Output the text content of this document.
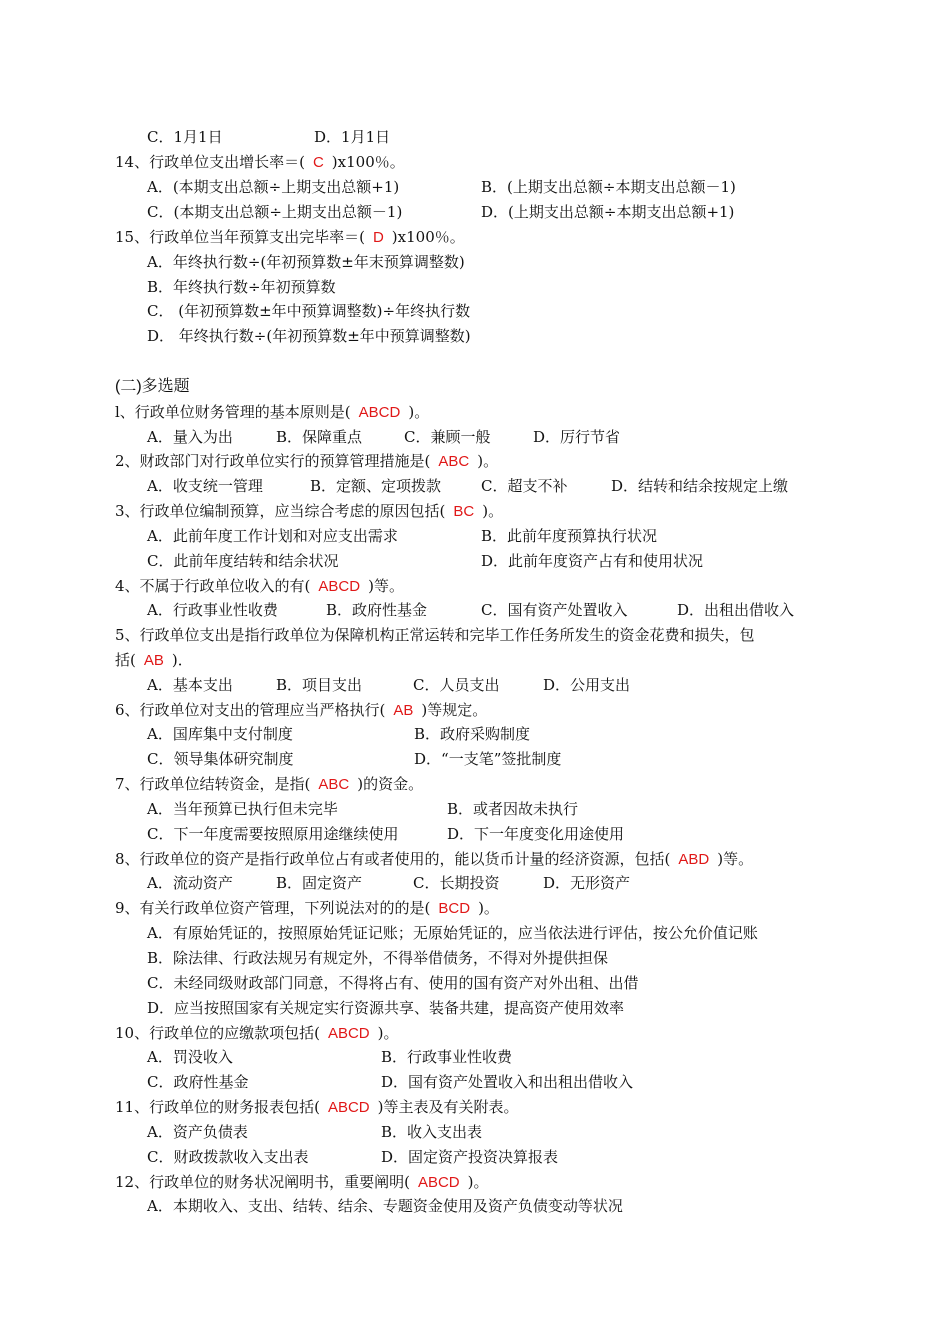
C．1月1日	D．1月1日
14、行政单位支出增长率＝( C )x100％。
A．(本期支出总额÷上期支出总额+1)	B．(上期支出总额÷本期支出总额－1)
C．(本期支出总额÷上期支出总额－1)	D．(上期支出总额÷本期支出总额+1)
15、行政单位当年预算支出完毕率＝( D )x100％。
A．年终执行数÷(年初预算数±年末预算调整数)
B．年终执行数÷年初预算数
C． (年初预算数±年中预算调整数)÷年终执行数
D． 年终执行数÷(年初预算数±年中预算调整数)
(二)多选题
l、行政单位财务管理的基本原则是( ABCD )。
A．量入为出	B．保障重点	C．兼顾一般	D．厉行节省
2、财政部门对行政单位实行的预算管理措施是( ABC )。
A．收支统一管理	B．定额、定项拨款	C．超支不补	D．结转和结余按规定上缴
3、行政单位编制预算，应当综合考虑的原因包括( BC )。
A．此前年度工作计划和对应支出需求	B．此前年度预算执行状况
C．此前年度结转和结余状况	D．此前年度资产占有和使用状况
4、不属于行政单位收入的有( ABCD )等。
A．行政事业性收费	B．政府性基金	C．国有资产处置收入	D．出租出借收入
5、行政单位支出是指行政单位为保障机构正常运转和完毕工作任务所发生的资金花费和损失，包
括( AB )．
A．基本支出	B．项目支出	C．人员支出	D．公用支出
6、行政单位对支出的管理应当严格执行( AB )等规定。
A．国库集中支付制度	B．政府采购制度
C．领导集体研究制度	D．“一支笔”签批制度
7、行政单位结转资金，是指( ABC )的资金。
A．当年预算已执行但未完毕	B．或者因故未执行
C．下一年度需要按照原用途继续使用	D．下一年度变化用途使用
8、行政单位的资产是指行政单位占有或者使用的，能以货币计量的经济资源，包括( ABD )等。
A．流动资产	B．固定资产	C．长期投资	D．无形资产
9、有关行政单位资产管理，下列说法对的的是( BCD )。
A．有原始凭证的，按照原始凭证记账；无原始凭证的，应当依法进行评估，按公允价值记账
B．除法律、行政法规另有规定外，不得举借债务，不得对外提供担保
C．未经同级财政部门同意，不得将占有、使用的国有资产对外出租、出借
D．应当按照国家有关规定实行资源共享、装备共建，提高资产使用效率
10、行政单位的应缴款项包括( ABCD )。
A．罚没收入	B．行政事业性收费
C．政府性基金	D．国有资产处置收入和出租出借收入
11、行政单位的财务报表包括( ABCD )等主表及有关附表。
A．资产负债表	B．收入支出表
C．财政拨款收入支出表	D．固定资产投资决算报表
12、行政单位的财务状况阐明书，重要阐明( ABCD )。
A．本期收入、支出、结转、结余、专题资金使用及资产负债变动等状况
